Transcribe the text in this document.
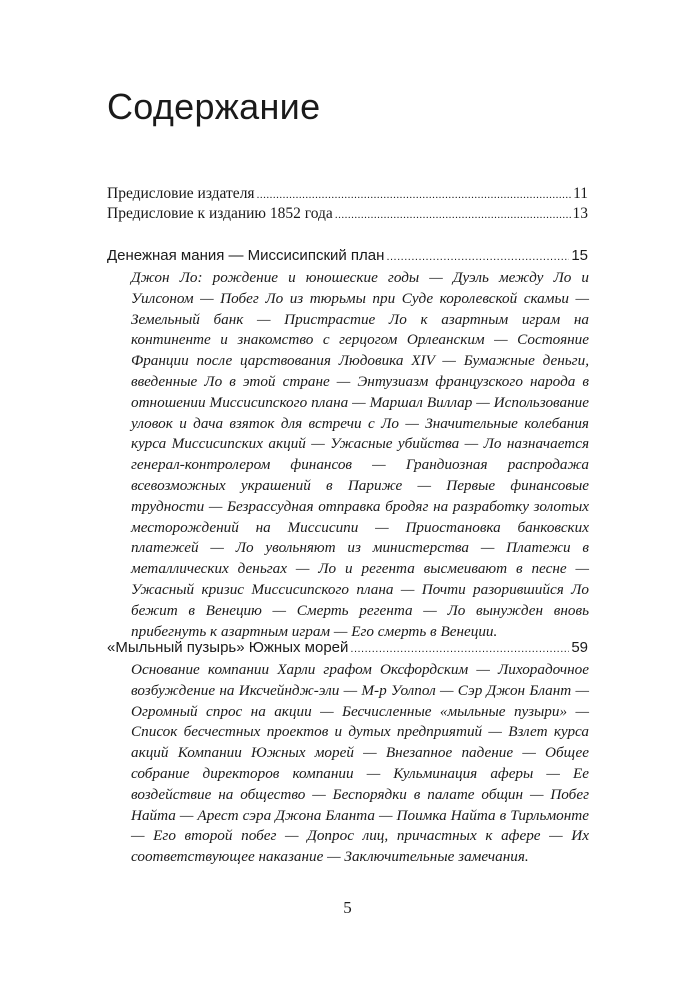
Содержание
Предисловие издателя .....	11
Предисловие к изданию 1852 года .....	13
Денежная мания — Миссисипский план .....	15

Джон Ло: рождение и юношеские годы — Дуэль между Ло и Уилсоном — Побег Ло из тюрьмы при Суде королевской скамьи — Земельный банк — Пристрастие Ло к азартным играм на континенте и знакомство с герцогом Орлеанским — Состояние Франции после царствования Людовика XIV — Бумажные деньги, введенные Ло в этой стране — Энтузиазм французского народа в отношении Миссисипского плана — Маршал Виллар — Использование уловок и дача взяток для встречи с Ло — Значительные колебания курса Миссисипских акций — Ужасные убийства — Ло назначается генерал-контролером финансов — Грандиозная распродажа всевозможных украшений в Париже — Первые финансовые трудности — Безрассудная отправка бродяг на разработку золотых месторождений на Миссисипи — Приостановка банковских платежей — Ло увольняют из министерства — Платежи в металлических деньгах — Ло и регента высмеивают в песне — Ужасный кризис Миссисипского плана — Почти разорившийся Ло бежит в Венецию — Смерть регента — Ло вынужден вновь прибегнуть к азартным играм — Его смерть в Венеции.

«Мыльный пузырь» Южных морей .....	59

Основание компании Харли графом Оксфордским — Лихорадочное возбуждение на Иксчейндж-эли — М-р Уолпол — Сэр Джон Блант — Огромный спрос на акции — Бесчисленные «мыльные пузыри» — Список бесчестных проектов и дутых предприятий — Взлет курса акций Компании Южных морей — Внезапное падение — Общее собрание директоров компании — Кульминация аферы — Ее воздействие на общество — Беспорядки в палате общин — Побег Найта — Арест сэра Джона Бланта — Поимка Найта в Тирльмонте — Его второй побег — Допрос лиц, причастных к афере — Их соответствующее наказание — Заключительные замечания.

5
